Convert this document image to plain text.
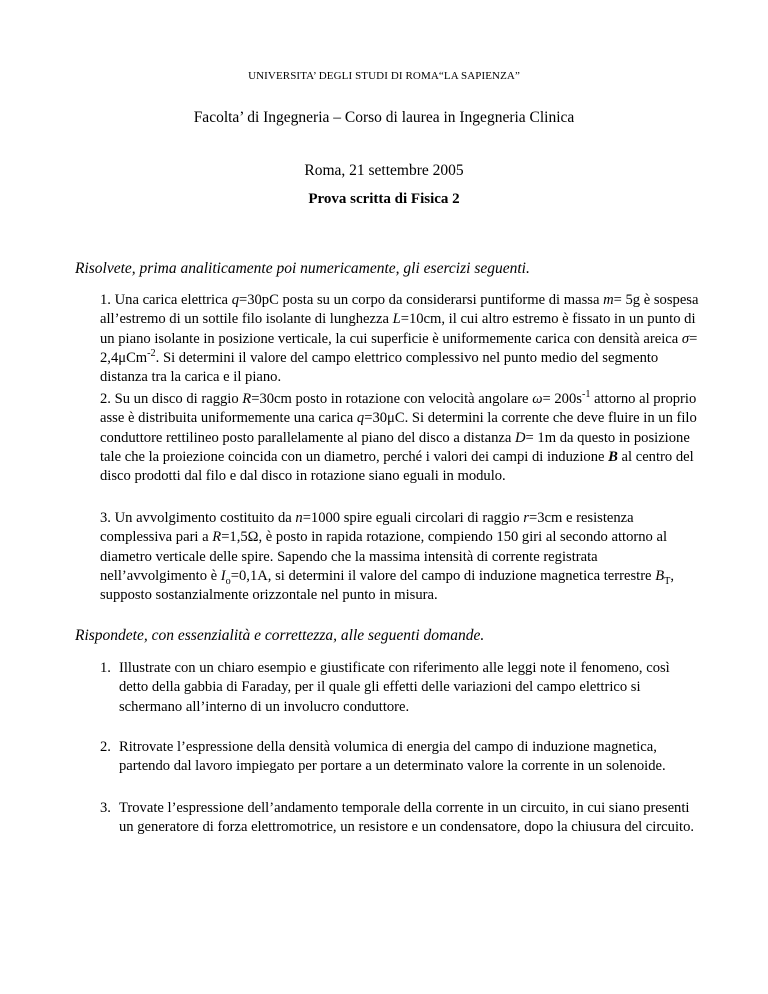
UNIVERSITA’ DEGLI STUDI DI ROMA“LA SAPIENZA”
Facolta’ di Ingegneria – Corso di laurea in Ingegneria Clinica
Roma, 21 settembre 2005
Prova scritta di Fisica 2
Risolvete, prima analiticamente poi numericamente, gli esercizi seguenti.

1. Una carica elettrica q=30pC posta su un corpo da considerarsi puntiforme di massa m= 5g è sospesa all’estremo di un sottile filo isolante di lunghezza L=10cm, il cui altro estremo è fissato in un punto di un piano isolante in posizione verticale, la cui superficie è uniformemente carica con densità areica σ= 2,4μCm$^{-2}$. Si determini il valore del campo elettrico complessivo nel punto medio del segmento distanza tra la carica e il piano.

2. Su un disco di raggio R=30cm posto in rotazione con velocità angolare $\omega= 200s^{-1}$ attorno al proprio asse è distribuita uniformemente una carica q=30μC. Si determini la corrente che deve fluire in un filo conduttore rettilineo posto parallelamente al piano del disco a distanza D= 1m da questo in posizione tale che la proiezione coincida con un diametro, perché i valori dei campi di induzione B al centro del disco prodotti dal filo e dal disco in rotazione siano eguali in modulo.

3. Un avvolgimento costituito da n=1000 spire eguali circolari di raggio r=3cm e resistenza complessiva pari a R=1,5Ω, è posto in rapida rotazione, compiendo 150 giri al secondo attorno al diametro verticale delle spire. Sapendo che la massima intensità di corrente registrata nell’avvolgimento è $I_o=0,1A$, si determini il valore del campo di induzione magnetica terrestre $B_T$, supposto sostanzialmente orizzontale nel punto in misura.

Rispondete, con essenzialità e correttezza, alle seguenti domande.
1. Illustrate con un chiaro esempio e giustificate con riferimento alle leggi note il fenomeno, così detto della gabbia di Faraday, per il quale gli effetti delle variazioni del campo elettrico si schermano all’interno di un involucro conduttore.
2. Ritrovate l’espressione della densità volumica di energia del campo di induzione magnetica, partendo dal lavoro impiegato per portare a un determinato valore la corrente in un solenoide.
3. Trovate l’espressione dell’andamento temporale della corrente in un circuito, in cui siano presenti un generatore di forza elettromotrice, un resistore e un condensatore, dopo la chiusura del circuito.
